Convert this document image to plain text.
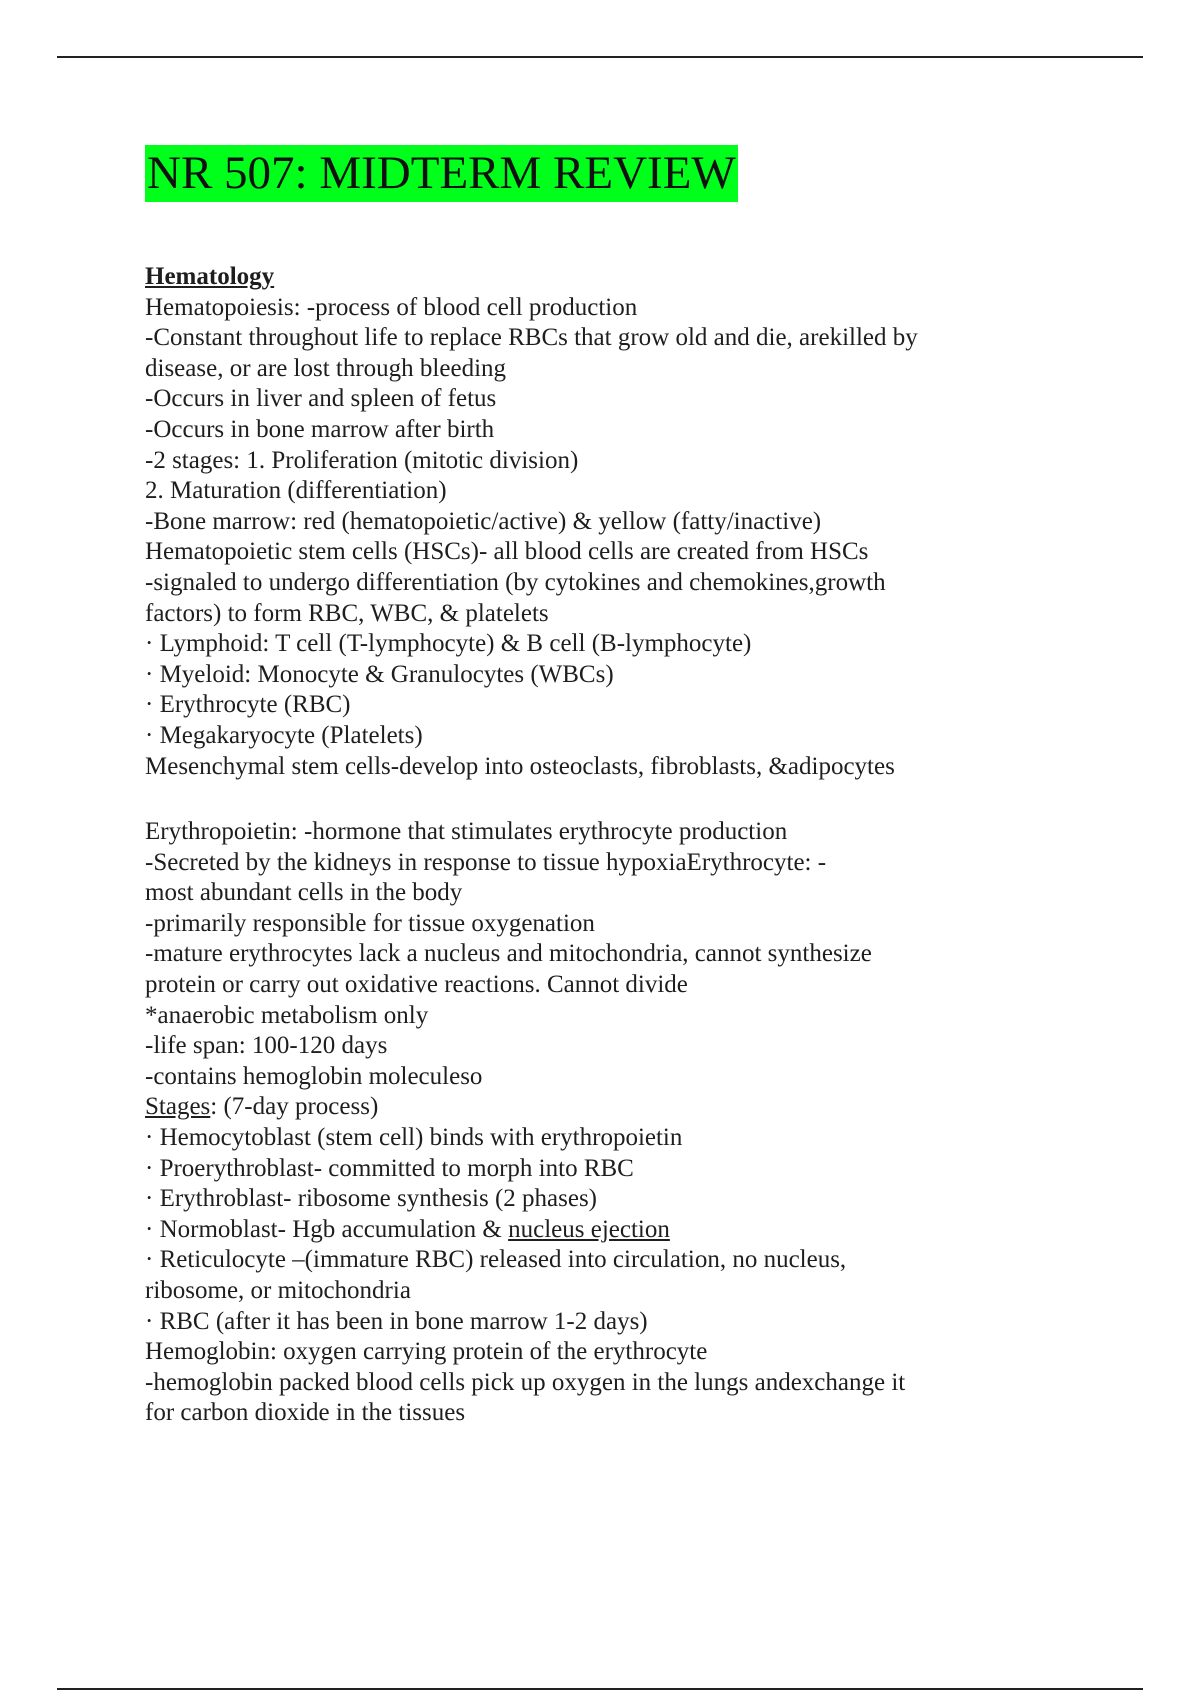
NR 507: MIDTERM REVIEW

Hematology

Hematopoiesis: -process of blood cell production

-Constant throughout life to replace RBCs that grow old and die, arekilled by

disease, or are lost through bleeding

-Occurs in liver and spleen of fetus

-Occurs in bone marrow after birth

-2 stages: 1. Proliferation (mitotic division)

2. Maturation (differentiation)

-Bone marrow: red (hematopoietic/active) & yellow (fatty/inactive)

Hematopoietic stem cells (HSCs)- all blood cells are created from HSCs

-signaled to undergo differentiation (by cytokines and chemokines,growth

factors) to form RBC, WBC, & platelets

· Lymphoid: T cell (T-lymphocyte) & B cell (B-lymphocyte)

· Myeloid: Monocyte & Granulocytes (WBCs)

· Erythrocyte (RBC)

· Megakaryocyte (Platelets)

Mesenchymal stem cells-develop into osteoclasts, fibroblasts, &adipocytes

Erythropoietin: -hormone that stimulates erythrocyte production

-Secreted by the kidneys in response to tissue hypoxiaErythrocyte: -

most abundant cells in the body

-primarily responsible for tissue oxygenation

-mature erythrocytes lack a nucleus and mitochondria, cannot synthesize

protein or carry out oxidative reactions. Cannot divide

*anaerobic metabolism only

-life span: 100-120 days

-contains hemoglobin moleculeso

Stages: (7-day process)

· Hemocytoblast (stem cell) binds with erythropoietin

· Proerythroblast- committed to morph into RBC

· Erythroblast- ribosome synthesis (2 phases)

· Normoblast- Hgb accumulation & nucleus ejection

· Reticulocyte –(immature RBC) released into circulation, no nucleus,

ribosome, or mitochondria

· RBC (after it has been in bone marrow 1-2 days)

Hemoglobin: oxygen carrying protein of the erythrocyte

-hemoglobin packed blood cells pick up oxygen in the lungs andexchange it

for carbon dioxide in the tissues
